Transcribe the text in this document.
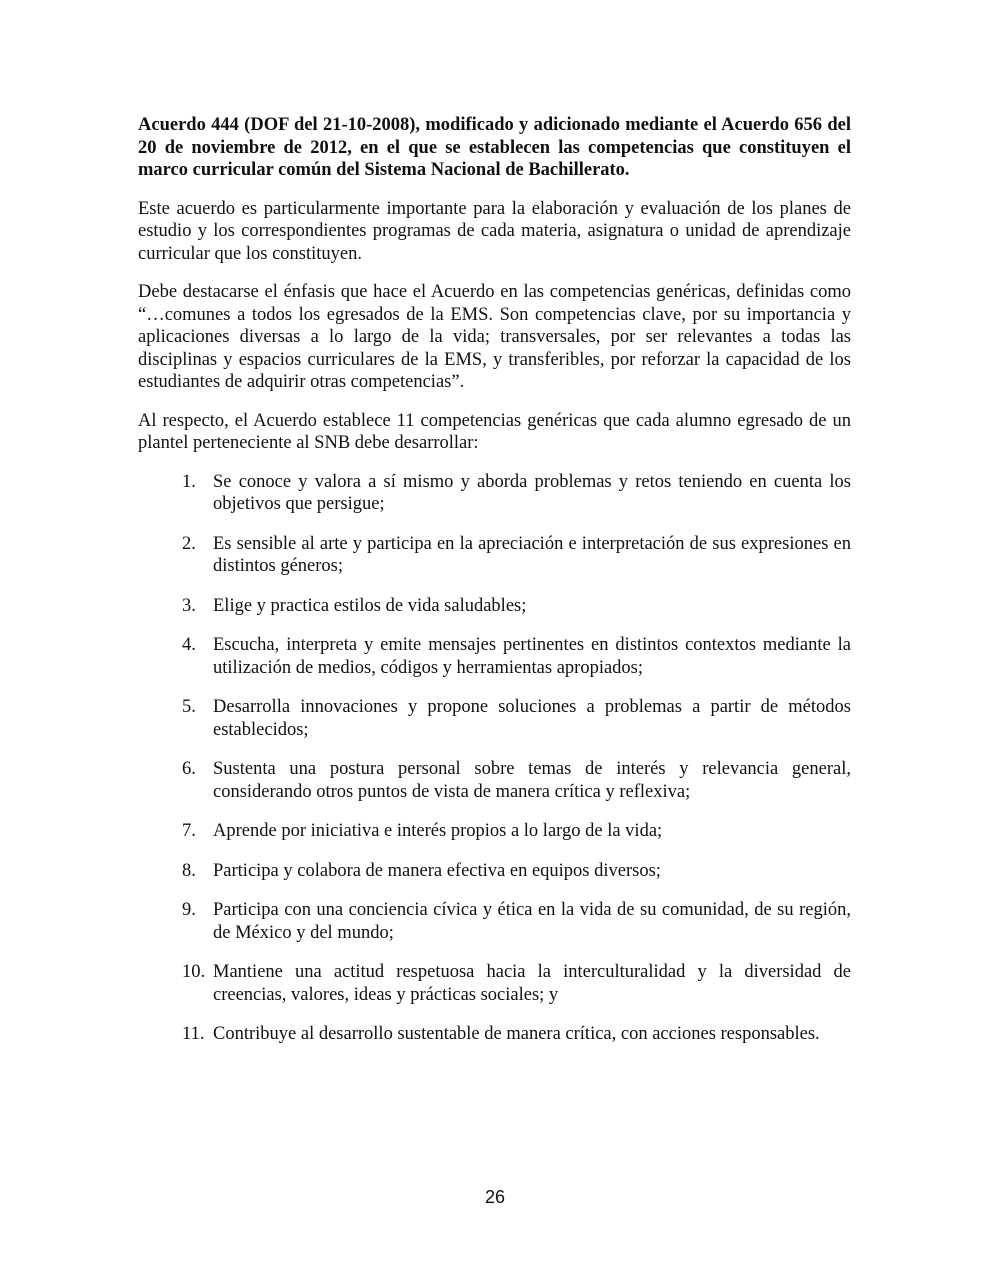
Acuerdo 444 (DOF del 21-10-2008), modificado y adicionado mediante el Acuerdo 656 del 20 de noviembre de 2012, en el que se establecen las competencias que constituyen el marco curricular común del Sistema Nacional de Bachillerato.

Este acuerdo es particularmente importante para la elaboración y evaluación de los planes de estudio y los correspondientes programas de cada materia, asignatura o unidad de aprendizaje curricular que los constituyen.

Debe destacarse el énfasis que hace el Acuerdo en las competencias genéricas, definidas como “…comunes a todos los egresados de la EMS. Son competencias clave, por su importancia y aplicaciones diversas a lo largo de la vida; transversales, por ser relevantes a todas las disciplinas y espacios curriculares de la EMS, y transferibles, por reforzar la capacidad de los estudiantes de adquirir otras competencias”.

Al respecto, el Acuerdo establece 11 competencias genéricas que cada alumno egresado de un plantel perteneciente al SNB debe desarrollar:

1. Se conoce y valora a sí mismo y aborda problemas y retos teniendo en cuenta los objetivos que persigue;
2. Es sensible al arte y participa en la apreciación e interpretación de sus expresiones en distintos géneros;
3. Elige y practica estilos de vida saludables;
4. Escucha, interpreta y emite mensajes pertinentes en distintos contextos mediante la utilización de medios, códigos y herramientas apropiados;
5. Desarrolla innovaciones y propone soluciones a problemas a partir de métodos establecidos;
6. Sustenta una postura personal sobre temas de interés y relevancia general, considerando otros puntos de vista de manera crítica y reflexiva;
7. Aprende por iniciativa e interés propios a lo largo de la vida;
8. Participa y colabora de manera efectiva en equipos diversos;
9. Participa con una conciencia cívica y ética en la vida de su comunidad, de su región, de México y del mundo;
10. Mantiene una actitud respetuosa hacia la interculturalidad y la diversidad de creencias, valores, ideas y prácticas sociales; y
11. Contribuye al desarrollo sustentable de manera crítica, con acciones responsables.
26
